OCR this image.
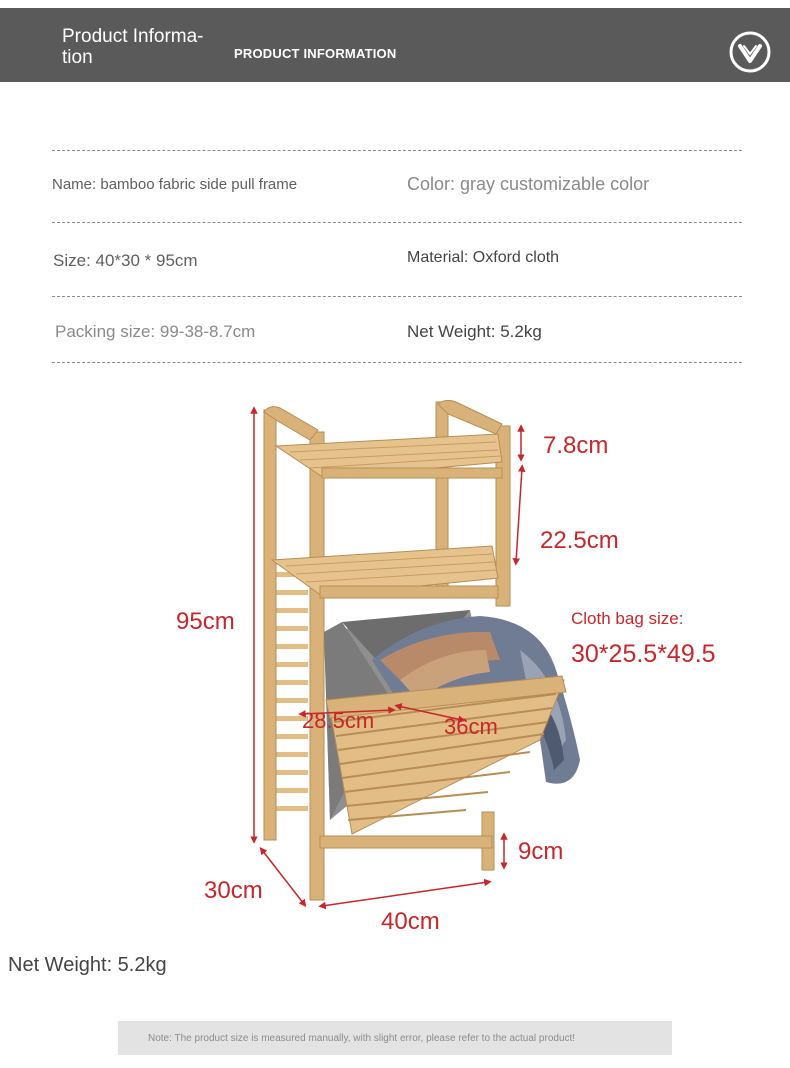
Product Informa- tion	PRODUCT INFORMATION
Name: bamboo fabric side pull frame	Color: gray customizable color
Size: 40*30 * 95cm	Material: Oxford cloth
Packing size: 99-38-8.7cm	Net Weight: 5.2kg
7.8cm
22.5cm
95cm	Cloth bag size:
30*25.5*49.5
28.5cm	36cm
9cm
30cm
40cm
Net Weight: 5.2kg
Note: The product size is measured manually, with slight error, please refer to the actual product!
